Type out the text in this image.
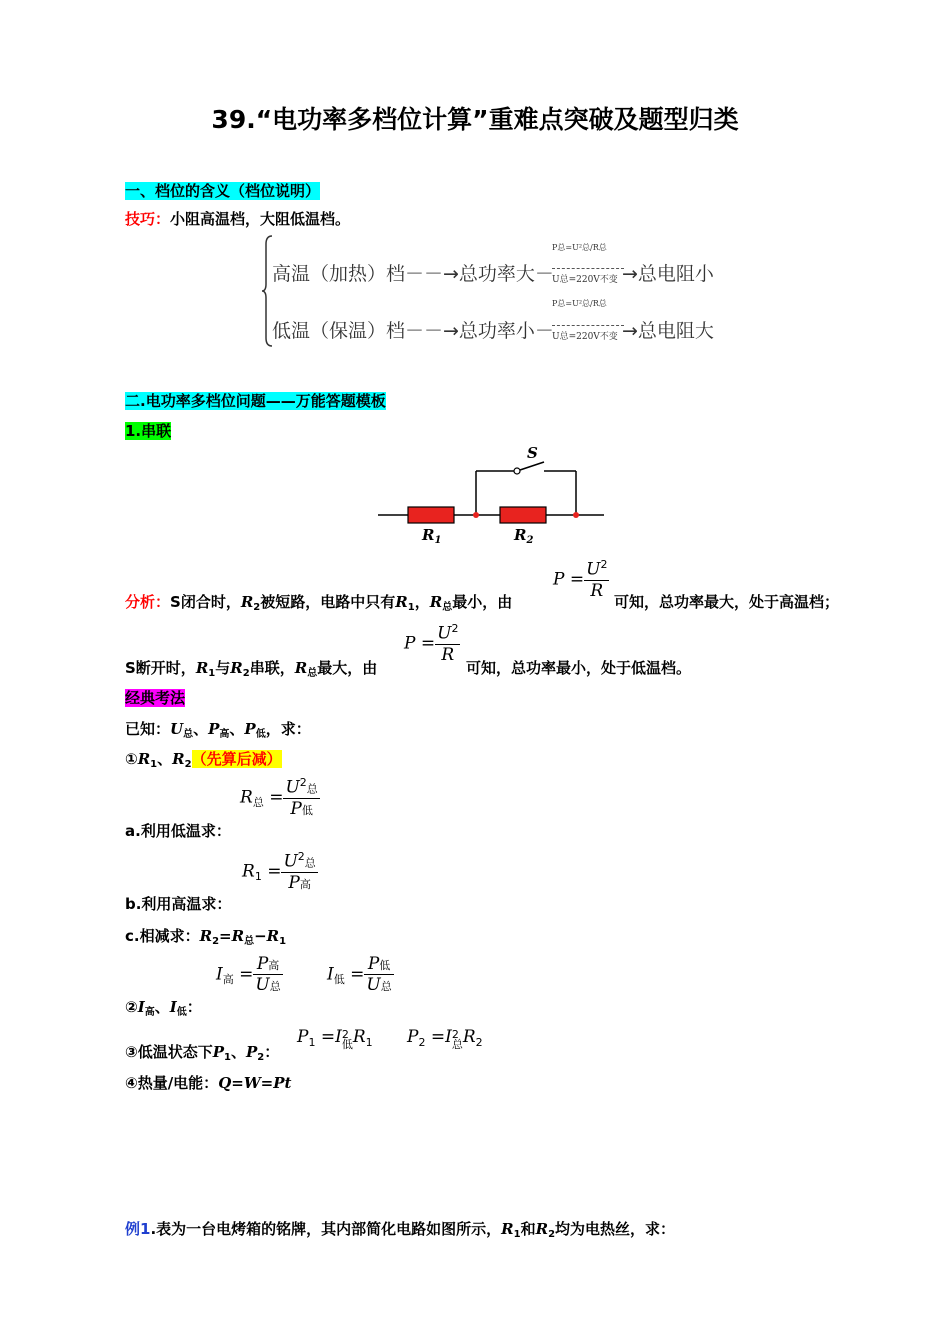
39.“电功率多档位计算”重难点突破及题型归类
一、档位的含义（档位说明）
技巧：小阻高温档，大阻低温档。
高温（加热）档－－→总功率大－
P总=U²总/R总
U总=220V不变 →总电阻小
低温（保温）档－－→总功率小－
P总=U²总/R总
U总=220V不变 →总电阻大
二.电功率多档位问题——万能答题模板
1.串联
S
$R_1$	$R_2$
分析：S闭合时，$R_2$被短路，电路中只有$R_1$，$R_总$最小，由
$P = \frac{U^2}{R}$
可知，总功率最大，处于高温档；
S断开时，$R_1$与$R_2$串联，$R_总$最大，由
$P = \frac{U^2}{R}$
可知，总功率最小，处于低温档。
经典考法
已知：$U_总$、$P_高$、$P_低$，求：
$①R_1$、$R_2$（先算后减）
$R_总 = \frac{U^2总}{\text{P低}}$
a.利用低温求：
$R_1 = \frac{U^2总}{\text{P高}}$
b.利用高温求：
c.相减求：$R_2=R_总-R_1$
$I_高 = \frac{\text{P高}}{\text{U总}}$	$I_低 = \frac{\text{P低}}{\text{U总}}$
$②I_高$、$I_低$：
③低温状态下$P_1$、$P_2$：
$P_1 =I$ 2
低 $R_1$ $P_2 =I$ 2
总 $R_2$
④热量/电能：Q=W=Pt
例1.表为一台电烤箱的铭牌，其内部简化电路如图所示，$R_1$和$R_2$均为电热丝，求：
